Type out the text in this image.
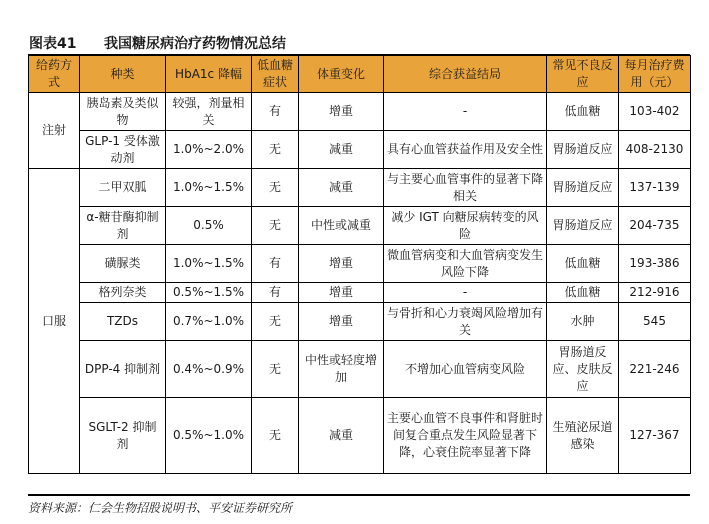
图表41 我国糖尿病治疗药物情况总结
给药方式	种类	HbA1c 降幅	低血糖症状	体重变化	综合获益结局	常见不良反应	每月治疗费用（元）
注射	胰岛素及类似物	较强，剂量相关	有	增重	-	低血糖	103-402
	GLP-1 受体激动剂	1.0%~2.0%	无	减重	具有心血管获益作用及安全性	胃肠道反应	408-2130
口服	二甲双胍	1.0%~1.5%	无	减重	与主要心血管事件的显著下降相关	胃肠道反应	137-139
	α-糖苷酶抑制剂	0.5%	无	中性或减重	减少 IGT 向糖尿病转变的风险	胃肠道反应	204-735
	磺脲类	1.0%~1.5%	有	增重	微血管病变和大血管病变发生风险下降	低血糖	193-386
	格列奈类	0.5%~1.5%	有	增重	-	低血糖	212-916
	TZDs	0.7%~1.0%	无	增重	与骨折和心力衰竭风险增加有关	水肿	545
	DPP-4 抑制剂	0.4%~0.9%	无	中性或轻度增加	不增加心血管病变风险	胃肠道反应、皮肤反应	221-246
	SGLT-2 抑制剂	0.5%~1.0%	无	减重	主要心血管不良事件和肾脏时间复合重点发生风险显著下降，心衰住院率显著下降	生殖泌尿道感染	127-367
资料来源：仁会生物招股说明书、平安证券研究所
